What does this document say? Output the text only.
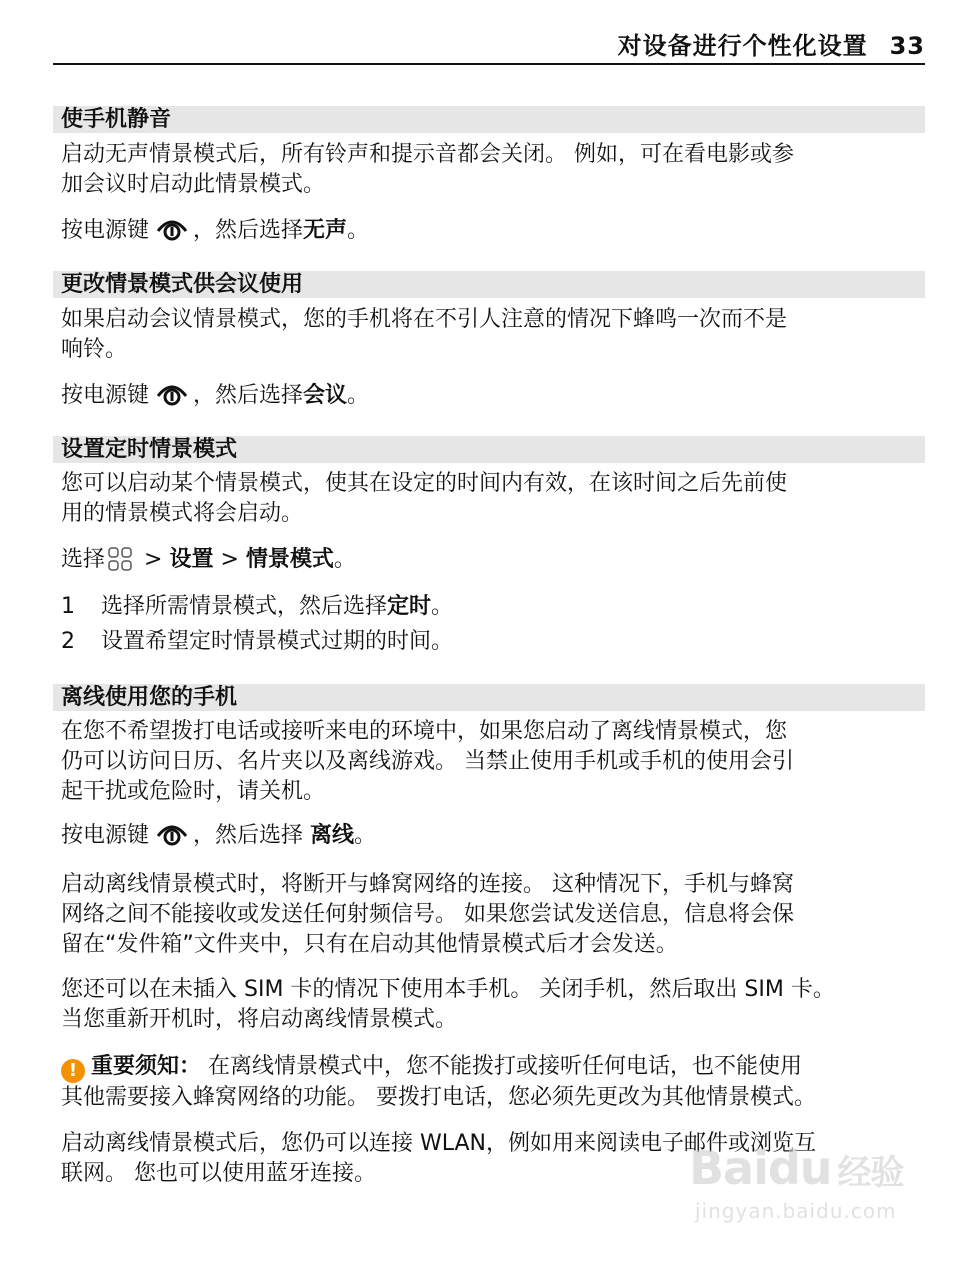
对设备进行个性化设置 33
使手机静音
启动无声情景模式后，所有铃声和提示音都会关闭。 例如，可在看电影或参
加会议时启动此情景模式。
按电源键 ，然后选择无声。
更改情景模式供会议使用
如果启动会议情景模式，您的手机将在不引人注意的情况下蜂鸣一次而不是
响铃。
按电源键 ，然后选择会议。
设置定时情景模式
您可以启动某个情景模式，使其在设定的时间内有效，在该时间之后先前使
用的情景模式将会启动。
选择
> 设置 > 情景模式。
1 选择所需情景模式，然后选择定时。
2 设置希望定时情景模式过期的时间。
离线使用您的手机
在您不希望拨打电话或接听来电的环境中，如果您启动了离线情景模式，您
仍可以访问日历、名片夹以及离线游戏。 当禁止使用手机或手机的使用会引
起干扰或危险时，请关机。
按电源键 ，然后选择 离线。
启动离线情景模式时，将断开与蜂窝网络的连接。 这种情况下，手机与蜂窝
网络之间不能接收或发送任何射频信号。 如果您尝试发送信息，信息将会保
留在“发件箱”文件夹中，只有在启动其他情景模式后才会发送。
您还可以在未插入 SIM 卡的情况下使用本手机。 关闭手机，然后取出 SIM 卡。
当您重新开机时，将启动离线情景模式。
! 重要须知： 在离线情景模式中，您不能拨打或接听任何电话，也不能使用
其他需要接入蜂窝网络的功能。 要拨打电话，您必须先更改为其他情景模式。
启动离线情景模式后，您仍可以连接 WLAN，例如用来阅读电子邮件或浏览互
联网。 您也可以使用蓝牙连接。	Baidu 经验
jingyan.baidu.com
